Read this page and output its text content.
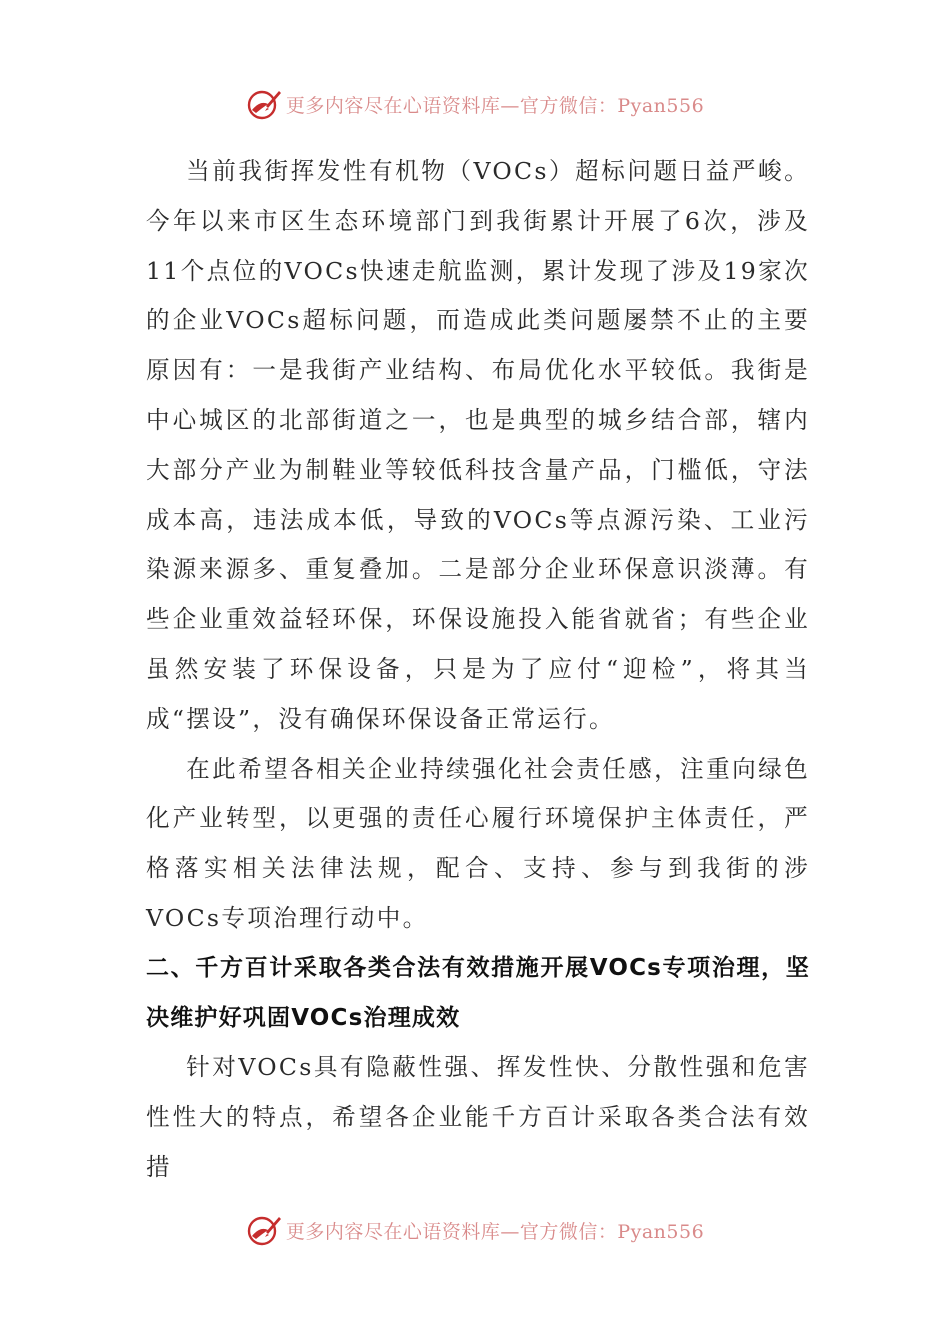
更多内容尽在心语资料库—官方微信：Pyan556

当前我街挥发性有机物（VOCs）超标问题日益严峻。今年以来市区生态环境部门到我街累计开展了6次，涉及11个点位的VOCs快速走航监测，累计发现了涉及19家次的企业VOCs超标问题，而造成此类问题屡禁不止的主要原因有：一是我街产业结构、布局优化水平较低。我街是中心城区的北部街道之一，也是典型的城乡结合部，辖内大部分产业为制鞋业等较低科技含量产品，门槛低，守法成本高，违法成本低，导致的VOCs等点源污染、工业污染源来源多、重复叠加。二是部分企业环保意识淡薄。有些企业重效益轻环保，环保设施投入能省就省；有些企业虽然安装了环保设备，只是为了应付“迎检”，将其当成“摆设”，没有确保环保设备正常运行。

在此希望各相关企业持续强化社会责任感，注重向绿色化产业转型，以更强的责任心履行环境保护主体责任，严格落实相关法律法规，配合、支持、参与到我街的涉VOCs专项治理行动中。

二、千方百计采取各类合法有效措施开展VOCs专项治理，坚决维护好巩固VOCs治理成效

针对VOCs具有隐蔽性强、挥发性快、分散性强和危害性性大的特点，希望各企业能千方百计采取各类合法有效措

更多内容尽在心语资料库—官方微信：Pyan556
